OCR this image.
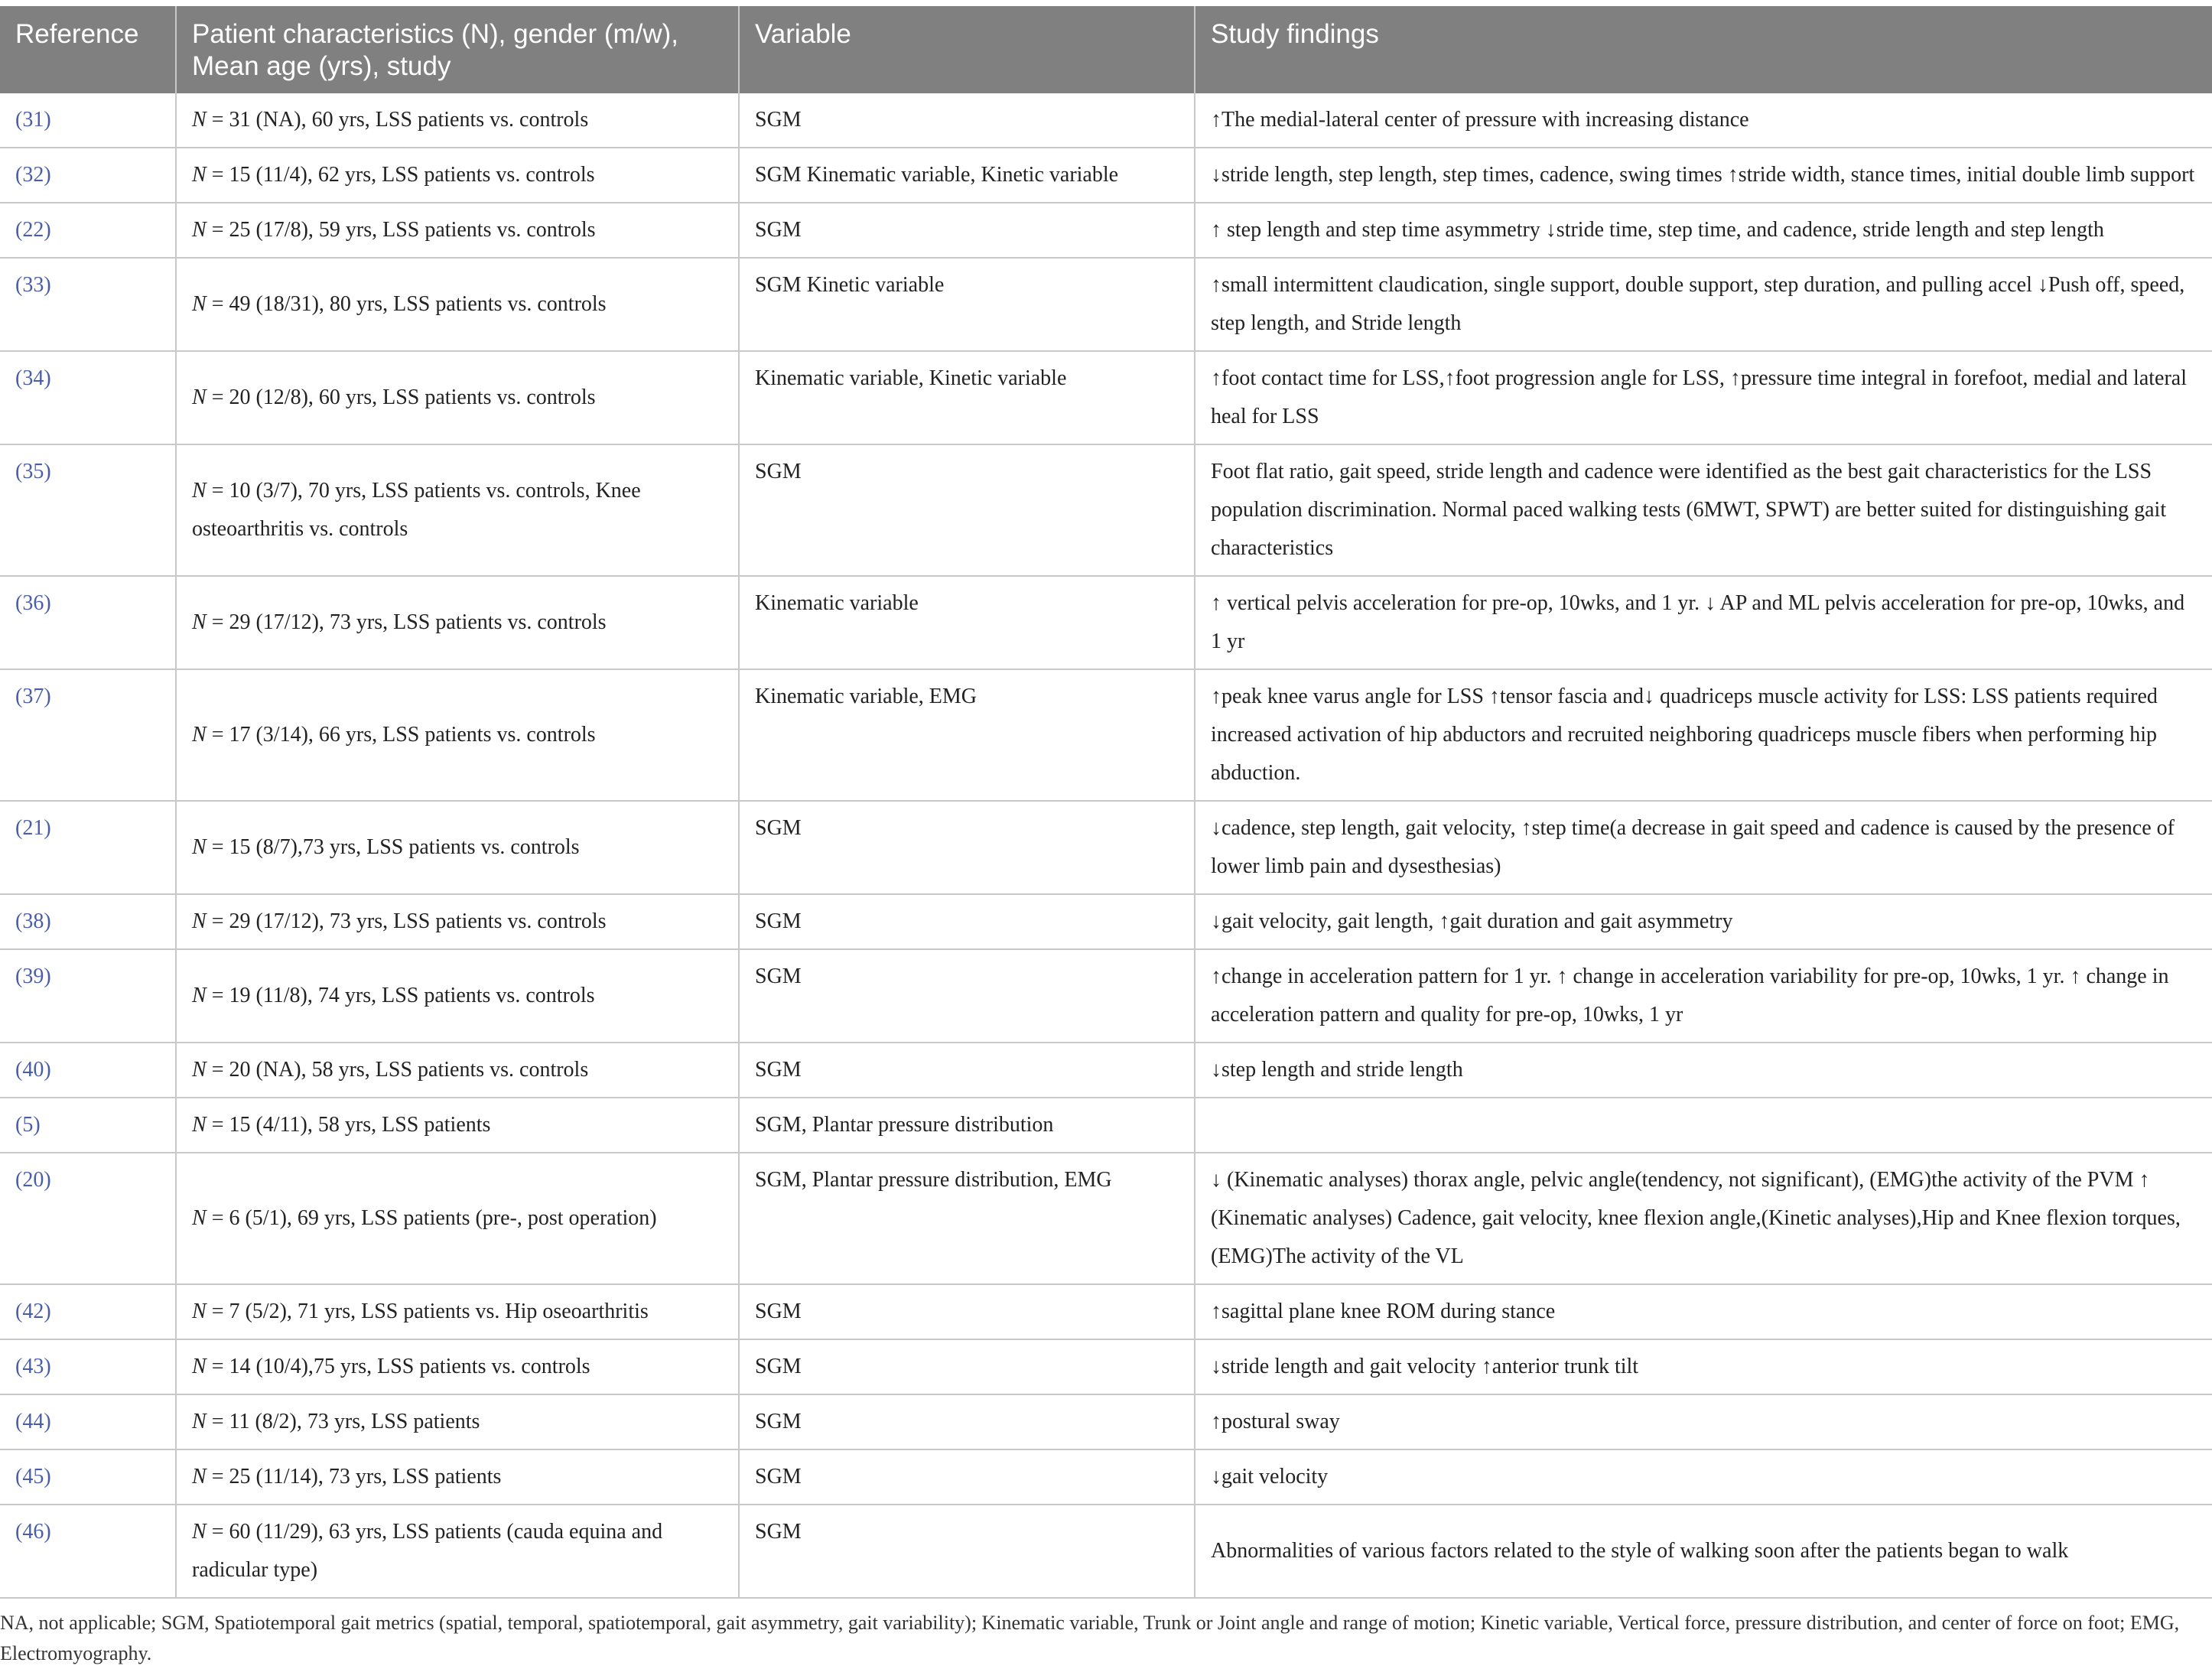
Reference	Patient characteristics (N), gender (m/w), Mean age (yrs), study	Variable	Study findings
(31)	N = 31 (NA), 60 yrs, LSS patients vs. controls	SGM	↑The medial-lateral center of pressure with increasing distance
(32)	N = 15 (11/4), 62 yrs, LSS patients vs. controls	SGM Kinematic variable, Kinetic variable	↓stride length, step length, step times, cadence, swing times ↑stride width, stance times, initial double limb support
(22)	N = 25 (17/8), 59 yrs, LSS patients vs. controls	SGM	↑ step length and step time asymmetry ↓stride time, step time, and cadence, stride length and step length
(33)	N = 49 (18/31), 80 yrs, LSS patients vs. controls	SGM Kinetic variable	↑small intermittent claudication, single support, double support, step duration, and pulling accel ↓Push off, speed, step length, and Stride length
(34)	N = 20 (12/8), 60 yrs, LSS patients vs. controls	Kinematic variable, Kinetic variable	↑foot contact time for LSS,↑foot progression angle for LSS, ↑pressure time integral in forefoot, medial and lateral heal for LSS
(35)	N = 10 (3/7), 70 yrs, LSS patients vs. controls, Knee osteoarthritis vs. controls	SGM	Foot flat ratio, gait speed, stride length and cadence were identified as the best gait characteristics for the LSS population discrimination. Normal paced walking tests (6MWT, SPWT) are better suited for distinguishing gait characteristics
(36)	N = 29 (17/12), 73 yrs, LSS patients vs. controls	Kinematic variable	↑ vertical pelvis acceleration for pre-op, 10wks, and 1 yr. ↓ AP and ML pelvis acceleration for pre-op, 10wks, and 1 yr
(37)	N = 17 (3/14), 66 yrs, LSS patients vs. controls	Kinematic variable, EMG	↑peak knee varus angle for LSS ↑tensor fascia and↓ quadriceps muscle activity for LSS: LSS patients required increased activation of hip abductors and recruited neighboring quadriceps muscle fibers when performing hip abduction.
(21)	N = 15 (8/7),73 yrs, LSS patients vs. controls	SGM	↓cadence, step length, gait velocity, ↑step time(a decrease in gait speed and cadence is caused by the presence of lower limb pain and dysesthesias)
(38)	N = 29 (17/12), 73 yrs, LSS patients vs. controls	SGM	↓gait velocity, gait length, ↑gait duration and gait asymmetry
(39)	N = 19 (11/8), 74 yrs, LSS patients vs. controls	SGM	↑change in acceleration pattern for 1 yr. ↑ change in acceleration variability for pre-op, 10wks, 1 yr. ↑ change in acceleration pattern and quality for pre-op, 10wks, 1 yr
(40)	N = 20 (NA), 58 yrs, LSS patients vs. controls	SGM	↓step length and stride length
(5)	N = 15 (4/11), 58 yrs, LSS patients	SGM, Plantar pressure distribution	
(20)	N = 6 (5/1), 69 yrs, LSS patients (pre-, post operation)	SGM, Plantar pressure distribution, EMG	↓ (Kinematic analyses) thorax angle, pelvic angle(tendency, not significant), (EMG)the activity of the PVM ↑ (Kinematic analyses) Cadence, gait velocity, knee flexion angle,(Kinetic analyses),Hip and Knee flexion torques, (EMG)The activity of the VL
(42)	N = 7 (5/2), 71 yrs, LSS patients vs. Hip oseoarthritis	SGM	↑sagittal plane knee ROM during stance
(43)	N = 14 (10/4),75 yrs, LSS patients vs. controls	SGM	↓stride length and gait velocity ↑anterior trunk tilt
(44)	N = 11 (8/2), 73 yrs, LSS patients	SGM	↑postural sway
(45)	N = 25 (11/14), 73 yrs, LSS patients	SGM	↓gait velocity
(46)	N = 60 (11/29), 63 yrs, LSS patients (cauda equina and radicular type)	SGM	Abnormalities of various factors related to the style of walking soon after the patients began to walk

NA, not applicable; SGM, Spatiotemporal gait metrics (spatial, temporal, spatiotemporal, gait asymmetry, gait variability); Kinematic variable, Trunk or Joint angle and range of motion; Kinetic variable, Vertical force, pressure distribution, and center of force on foot; EMG, Electromyography.
